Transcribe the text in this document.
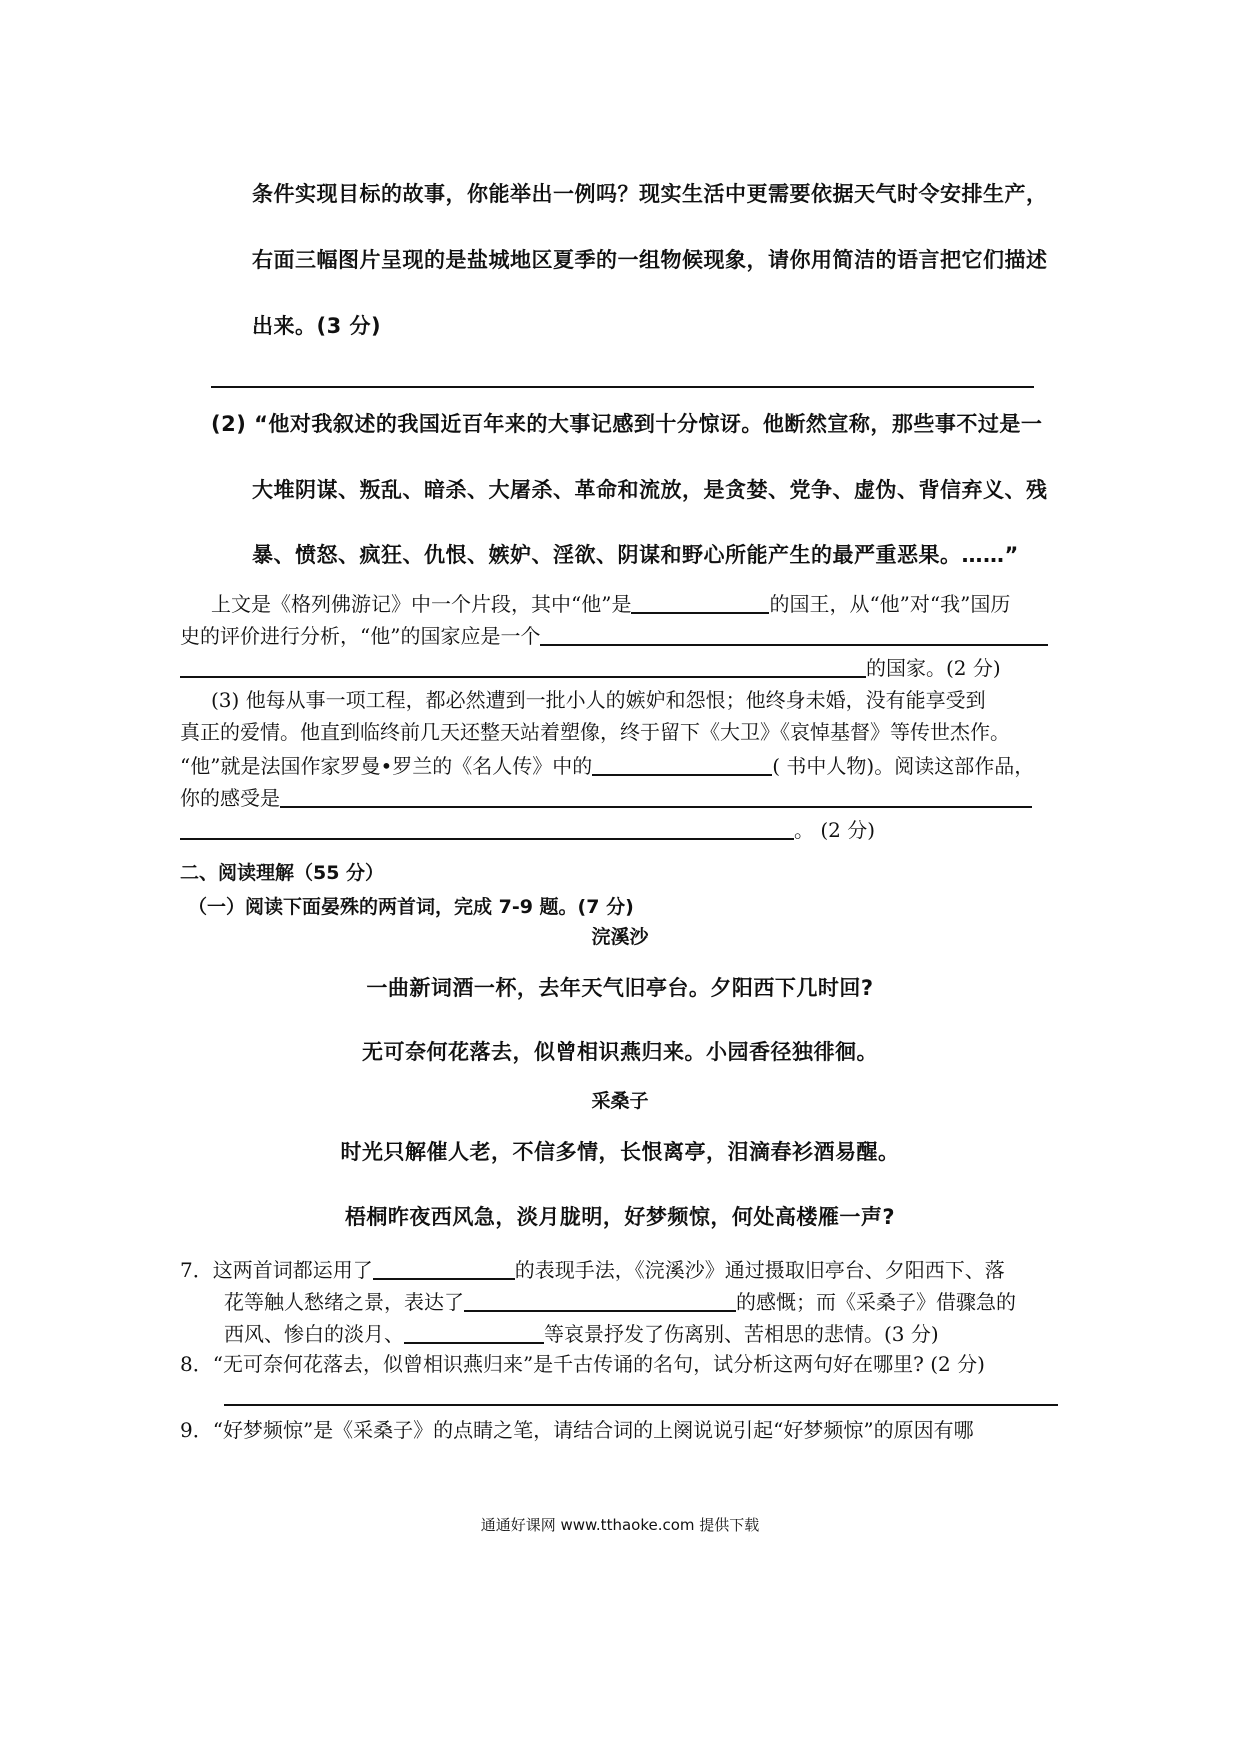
条件实现目标的故事，你能举出一例吗？现实生活中更需要依据天气时令安排生产，
右面三幅图片呈现的是盐城地区夏季的一组物候现象，请你用简洁的语言把它们描述
出来。(3 分)
(2) “他对我叙述的我国近百年来的大事记感到十分惊讶。他断然宣称，那些事不过是一
大堆阴谋、叛乱、暗杀、大屠杀、革命和流放，是贪婪、党争、虚伪、背信弃义、残
暴、愤怒、疯狂、仇恨、嫉妒、淫欲、阴谋和野心所能产生的最严重恶果。……”
上文是《格列佛游记》中一个片段，其中“他”是	的国王，从“他”对“我”国历
史的评价进行分析，“他”的国家应是一个
的国家。(2 分)
(3) 他每从事一项工程，都必然遭到一批小人的嫉妒和怨恨；他终身未婚，没有能享受到
真正的爱情。他直到临终前几天还整天站着塑像，终于留下《大卫》《哀悼基督》等传世杰作。
“他”就是法国作家罗曼•罗兰的《名人传》中的	( 书中人物)。阅读这部作品，
你的感受是
。 (2 分)
二、阅读理解（55 分）
（一）阅读下面晏殊的两首词，完成 7-9 题。(7 分)
浣溪沙
一曲新词酒一杯，去年天气旧亭台。夕阳西下几时回?
无可奈何花落去，似曾相识燕归来。小园香径独徘徊。
采桑子
时光只解催人老，不信多情，长恨离亭，泪滴春衫酒易醒。
梧桐昨夜西风急，淡月胧明，好梦频惊，何处高楼雁一声?
7．这两首词都运用了	的表现手法，《浣溪沙》通过摄取旧亭台、夕阳西下、落
花等触人愁绪之景，表达了	的感慨；而《采桑子》借骤急的
西风、惨白的淡月、	等哀景抒发了伤离别、苦相思的悲情。(3 分)
8．“无可奈何花落去，似曾相识燕归来”是千古传诵的名句，试分析这两句好在哪里? (2 分)
9．“好梦频惊”是《采桑子》的点睛之笔，请结合词的上阕说说引起“好梦频惊”的原因有哪
通通好课网 www.tthaoke.com 提供下载
